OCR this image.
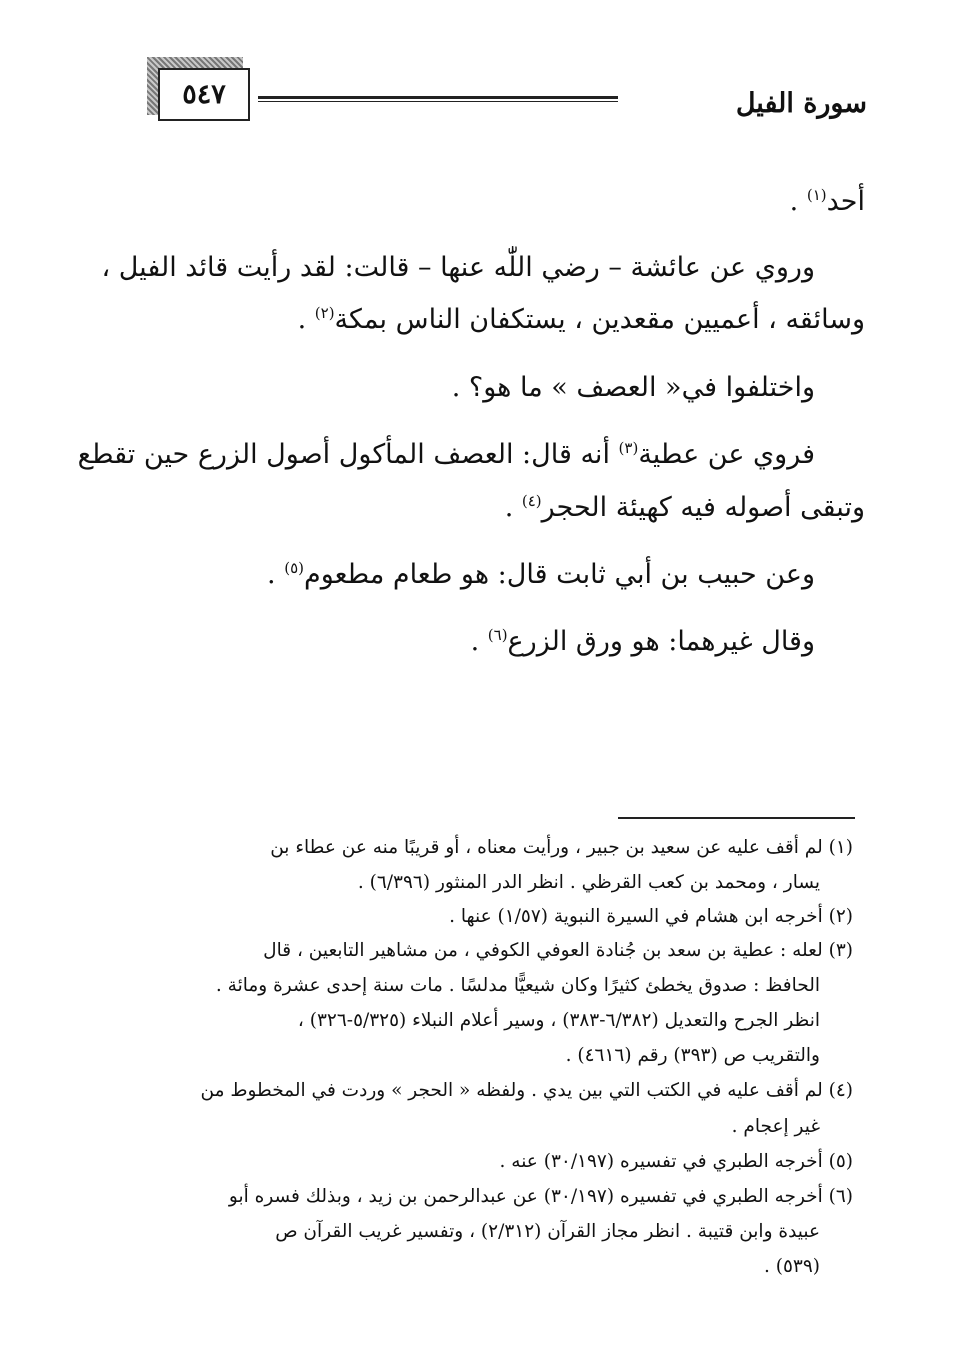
٥٤٧	سورة الفيل
أحد$^{(١)}$ .
وروي عن عائشة – رضي اللّٰه عنها – قالت: لقد رأيت قائد الفيل ،
وسائقه ، أعميين مقعدين ، يستكفان الناس بمكة$^{(٢)}$ .
واختلفوا في« العصف » ما هو؟ .
فروي عن عطية$^{(٣)}$ أنه قال: العصف المأكول أصول الزرع حين تقطع
وتبقى أصوله فيه كهيئة الحجر$^{(٤)}$ .
وعن حبيب بن أبي ثابت قال: هو طعام مطعوم$^{(٥)}$ .
وقال غيرهما: هو ورق الزرع$^{(٦)}$ .
(١) لم أقف عليه عن سعيد بن جبير ، ورأيت معناه ، أو قريبًا منه عن عطاء بن
يسار ، ومحمد بن كعب القرظي . انظر الدر المنثور (٦/٣٩٦) .
(٢) أخرجه ابن هشام في السيرة النبوية (١/٥٧) عنها .
(٣) لعله : عطية بن سعد بن جُنادة العوفي الكوفي ، من مشاهير التابعين ، قال
الحافظ : صدوق يخطئ كثيرًا وكان شيعيًّا مدلسًا . مات سنة إحدى عشرة ومائة .
انظر الجرح والتعديل (٦/٣٨٢-٣٨٣) ، وسير أعلام النبلاء (٥/٣٢٥-٣٢٦) ،
والتقريب ص (٣٩٣) رقم (٤٦١٦) .
(٤) لم أقف عليه في الكتب التي بين يدي . ولفظه « الحجر » وردت في المخطوط من
غير إعجام .
(٥) أخرجه الطبري في تفسيره (٣٠/١٩٧) عنه .
(٦) أخرجه الطبري في تفسيره (٣٠/١٩٧) عن عبدالرحمن بن زيد ، وبذلك فسره أبو
عبيدة وابن قتيبة . انظر مجاز القرآن (٢/٣١٢) ، وتفسير غريب القرآن ص
(٥٣٩) .
